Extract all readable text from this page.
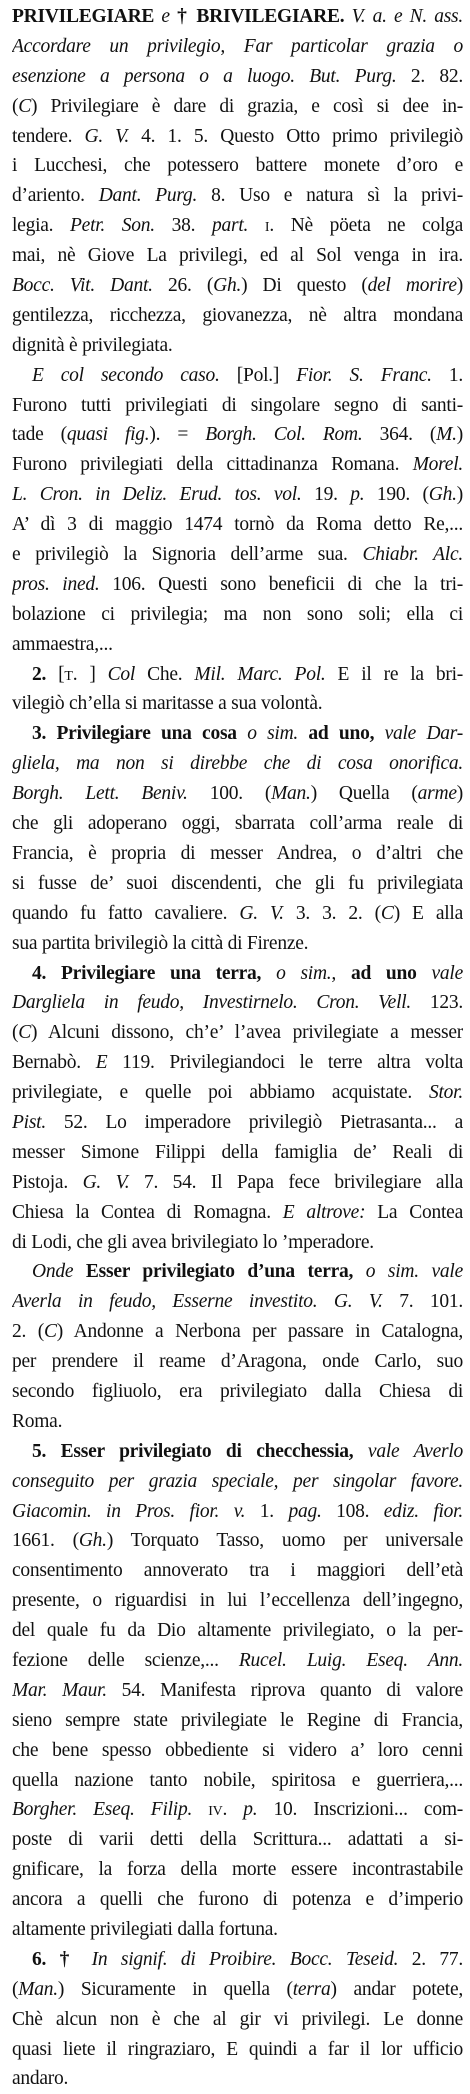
PRIVILEGIARE e † BRIVILEGIARE. V. a. e N. ass.
Accordare un privilegio, Far particolar grazia o
esenzione a persona o a luogo. But. Purg. 2. 82.
(C) Privilegiare è dare di grazia, e così si dee in-
tendere. G. V. 4. 1. 5. Questo Otto primo privilegiò
i Lucchesi, che potessero battere monete d’oro e
d’ariento. Dant. Purg. 8. Uso e natura sì la privi-
legia. Petr. Son. 38. part. i. Nè pöeta ne colga
mai, nè Giove La privilegi, ed al Sol venga in ira.
Bocc. Vit. Dant. 26. (Gh.) Di questo (del morire)
gentilezza, ricchezza, giovanezza, nè altra mondana
dignità è privilegiata.
E col secondo caso. [Pol.] Fior. S. Franc. 1.
Furono tutti privilegiati di singolare segno di santi-
tade (quasi fig.). = Borgh. Col. Rom. 364. (M.)
Furono privilegiati della cittadinanza Romana. Morel.
L. Cron. in Deliz. Erud. tos. vol. 19. p. 190. (Gh.)
A’ dì 3 di maggio 1474 tornò da Roma detto Re,...
e privilegiò la Signoria dell’arme sua. Chiabr. Alc.
pros. ined. 106. Questi sono beneficii di che la tri-
bolazione ci privilegia; ma non sono soli; ella ci
ammaestra,...
2. [t. ] Col Che. Mil. Marc. Pol. E il re la bri-
vilegiò ch’ella si maritasse a sua volontà.
3. Privilegiare una cosa o sim. ad uno, vale Dar-
gliela, ma non si direbbe che di cosa onorifica.
Borgh. Lett. Beniv. 100. (Man.) Quella (arme)
che gli adoperano oggi, sbarrata coll’arma reale di
Francia, è propria di messer Andrea, o d’altri che
si fusse de’ suoi discendenti, che gli fu privilegiata
quando fu fatto cavaliere. G. V. 3. 3. 2. (C) E alla
sua partita brivilegiò la città di Firenze.
4. Privilegiare una terra, o sim., ad uno vale
Dargliela in feudo, Investirnelo. Cron. Vell. 123.
(C) Alcuni dissono, ch’e’ l’avea privilegiate a messer
Bernabò. E 119. Privilegiandoci le terre altra volta
privilegiate, e quelle poi abbiamo acquistate. Stor.
Pist. 52. Lo imperadore privilegiò Pietrasanta... a
messer Simone Filippi della famiglia de’ Reali di
Pistoja. G. V. 7. 54. Il Papa fece brivilegiare alla
Chiesa la Contea di Romagna. E altrove: La Contea
di Lodi, che gli avea brivilegiato lo ’mperadore.
Onde Esser privilegiato d’una terra, o sim. vale
Averla in feudo, Esserne investito. G. V. 7. 101.
2. (C) Andonne a Nerbona per passare in Catalogna,
per prendere il reame d’Aragona, onde Carlo, suo
secondo figliuolo, era privilegiato dalla Chiesa di
Roma.
5. Esser privilegiato di checchessia, vale Averlo
conseguito per grazia speciale, per singolar favore.
Giacomin. in Pros. fior. v. 1. pag. 108. ediz. fior.
1661. (Gh.) Torquato Tasso, uomo per universale
consentimento annoverato tra i maggiori dell’età
presente, o riguardisi in lui l’eccellenza dell’ingegno,
del quale fu da Dio altamente privilegiato, o la per-
fezione delle scienze,... Rucel. Luig. Eseq. Ann.
Mar. Maur. 54. Manifesta riprova quanto di valore
sieno sempre state privilegiate le Regine di Francia,
che bene spesso obbediente si videro a’ loro cenni
quella nazione tanto nobile, spiritosa e guerriera,...
Borgher. Eseq. Filip. iv. p. 10. Inscrizioni... com-
poste di varii detti della Scrittura... adattati a si-
gnificare, la forza della morte essere incontrastabile
ancora a quelli che furono di potenza e d’imperio
altamente privilegiati dalla fortuna.
6. † In signif. di Proibire. Bocc. Teseid. 2. 77.
(Man.) Sicuramente in quella (terra) andar potete,
Chè alcun non è che al gir vi privilegi. Le donne
quasi liete il ringraziaro, E quindi a far il lor ufficio
andaro.
